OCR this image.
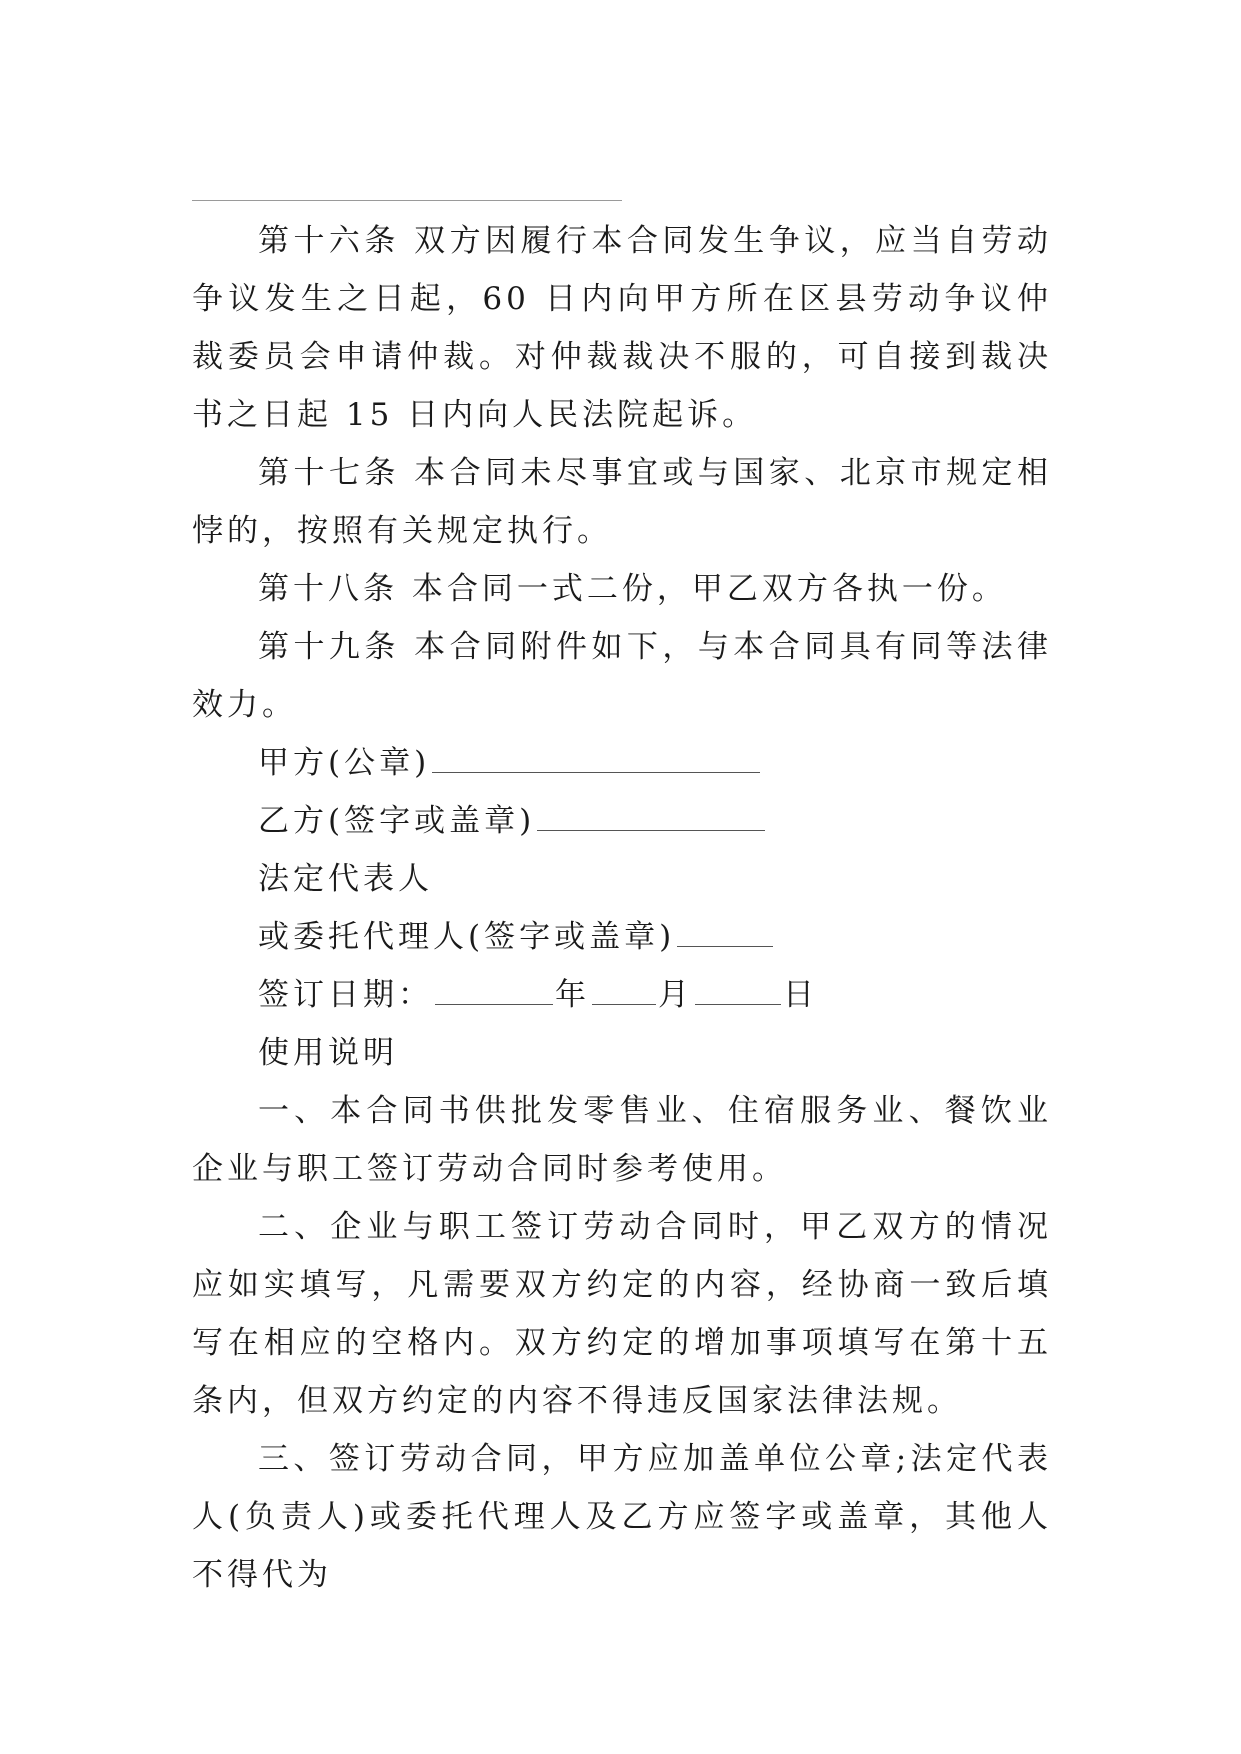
第十六条 双方因履行本合同发生争议，应当自劳动争议发生之日起，60 日内向甲方所在区县劳动争议仲裁委员会申请仲裁。对仲裁裁决不服的，可自接到裁决书之日起 15 日内向人民法院起诉。

第十七条 本合同未尽事宜或与国家、北京市规定相悖的，按照有关规定执行。

第十八条 本合同一式二份，甲乙双方各执一份。

第十九条 本合同附件如下，与本合同具有同等法律效力。

甲方(公章)

乙方(签字或盖章)

法定代表人

或委托代理人(签字或盖章)

签订日期：	年 月	日

使用说明

一、本合同书供批发零售业、住宿服务业、餐饮业企业与职工签订劳动合同时参考使用。

二、企业与职工签订劳动合同时，甲乙双方的情况应如实填写，凡需要双方约定的内容，经协商一致后填写在相应的空格内。双方约定的增加事项填写在第十五条内，但双方约定的内容不得违反国家法律法规。

三、签订劳动合同，甲方应加盖单位公章;法定代表人(负责人)或委托代理人及乙方应签字或盖章，其他人不得代为
